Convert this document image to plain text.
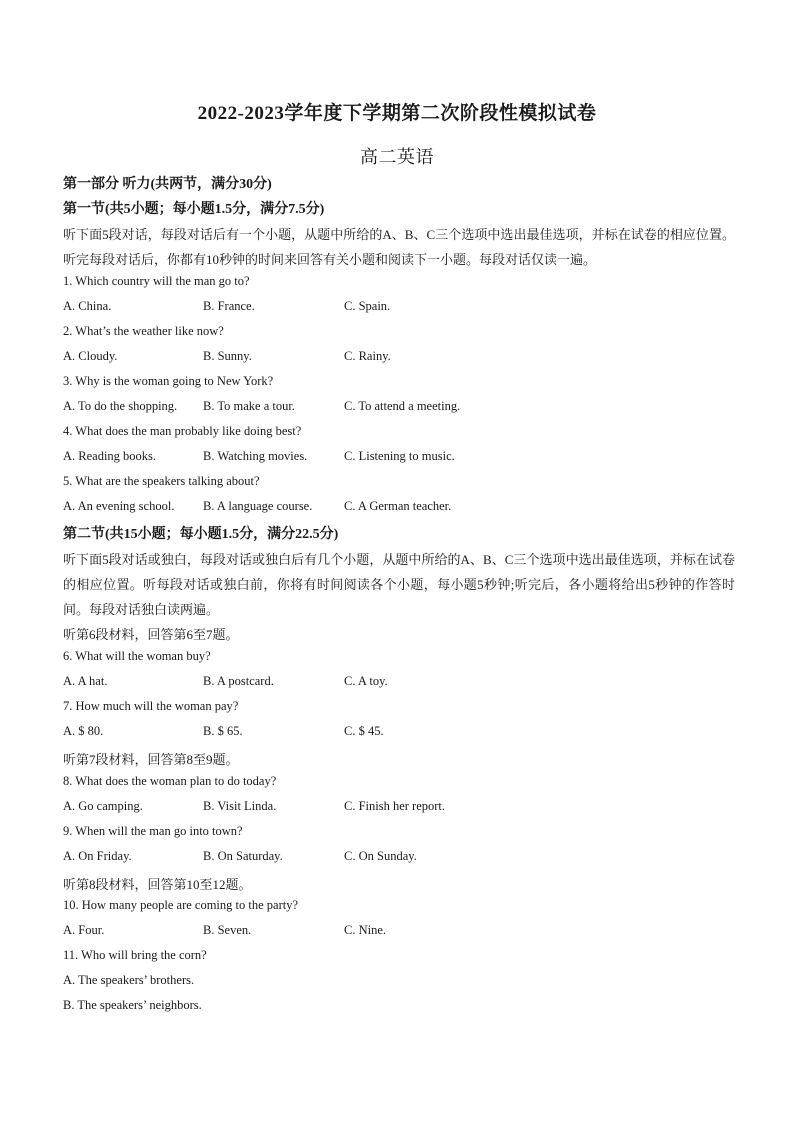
2022-2023学年度下学期第二次阶段性模拟试卷
高二英语
第一部分 听力(共两节，满分30分)
第一节(共5小题；每小题1.5分，满分7.5分)
听下面5段对话，每段对话后有一个小题，从题中所给的A、B、C三个选项中选出最佳选项，并标在试卷的相应位置。听完每段对话后，你都有10秒钟的时间来回答有关小题和阅读下一小题。每段对话仅读一遍。
1. Which country will the man go to?
A. China.	B. France.	C. Spain.
2. What’s the weather like now?
A. Cloudy.	B. Sunny.	C. Rainy.
3. Why is the woman going to New York?
A. To do the shopping. B. To make a tour.	C. To attend a meeting.
4. What does the man probably like doing best?
A. Reading books.	B. Watching movies.	C. Listening to music.
5. What are the speakers talking about?
A. An evening school. B. A language course.	C. A German teacher.
第二节(共15小题；每小题1.5分，满分22.5分)
听下面5段对话或独白，每段对话或独白后有几个小题，从题中所给的A、B、C三个选项中选出最佳选项，并标在试卷的相应位置。听每段对话或独白前，你将有时间阅读各个小题，每小题5秒钟;听完后，各小题将给出5秒钟的作答时间。每段对话独白读两遍。
听第6段材料，回答第6至7题。
6. What will the woman buy?
A. A hat.	B. A postcard.	C. A toy.
7. How much will the woman pay?
A. $ 80.	B. $ 65.	C. $ 45.
听第7段材料，回答第8至9题。
8. What does the woman plan to do today?
A. Go camping.	B. Visit Linda.	C. Finish her report.
9. When will the man go into town?
A. On Friday.	B. On Saturday.	C. On Sunday.
听第8段材料，回答第10至12题。
10. How many people are coming to the party?
A. Four.	B. Seven.	C. Nine.
11. Who will bring the corn?
A. The speakers’ brothers.
B. The speakers’ neighbors.
